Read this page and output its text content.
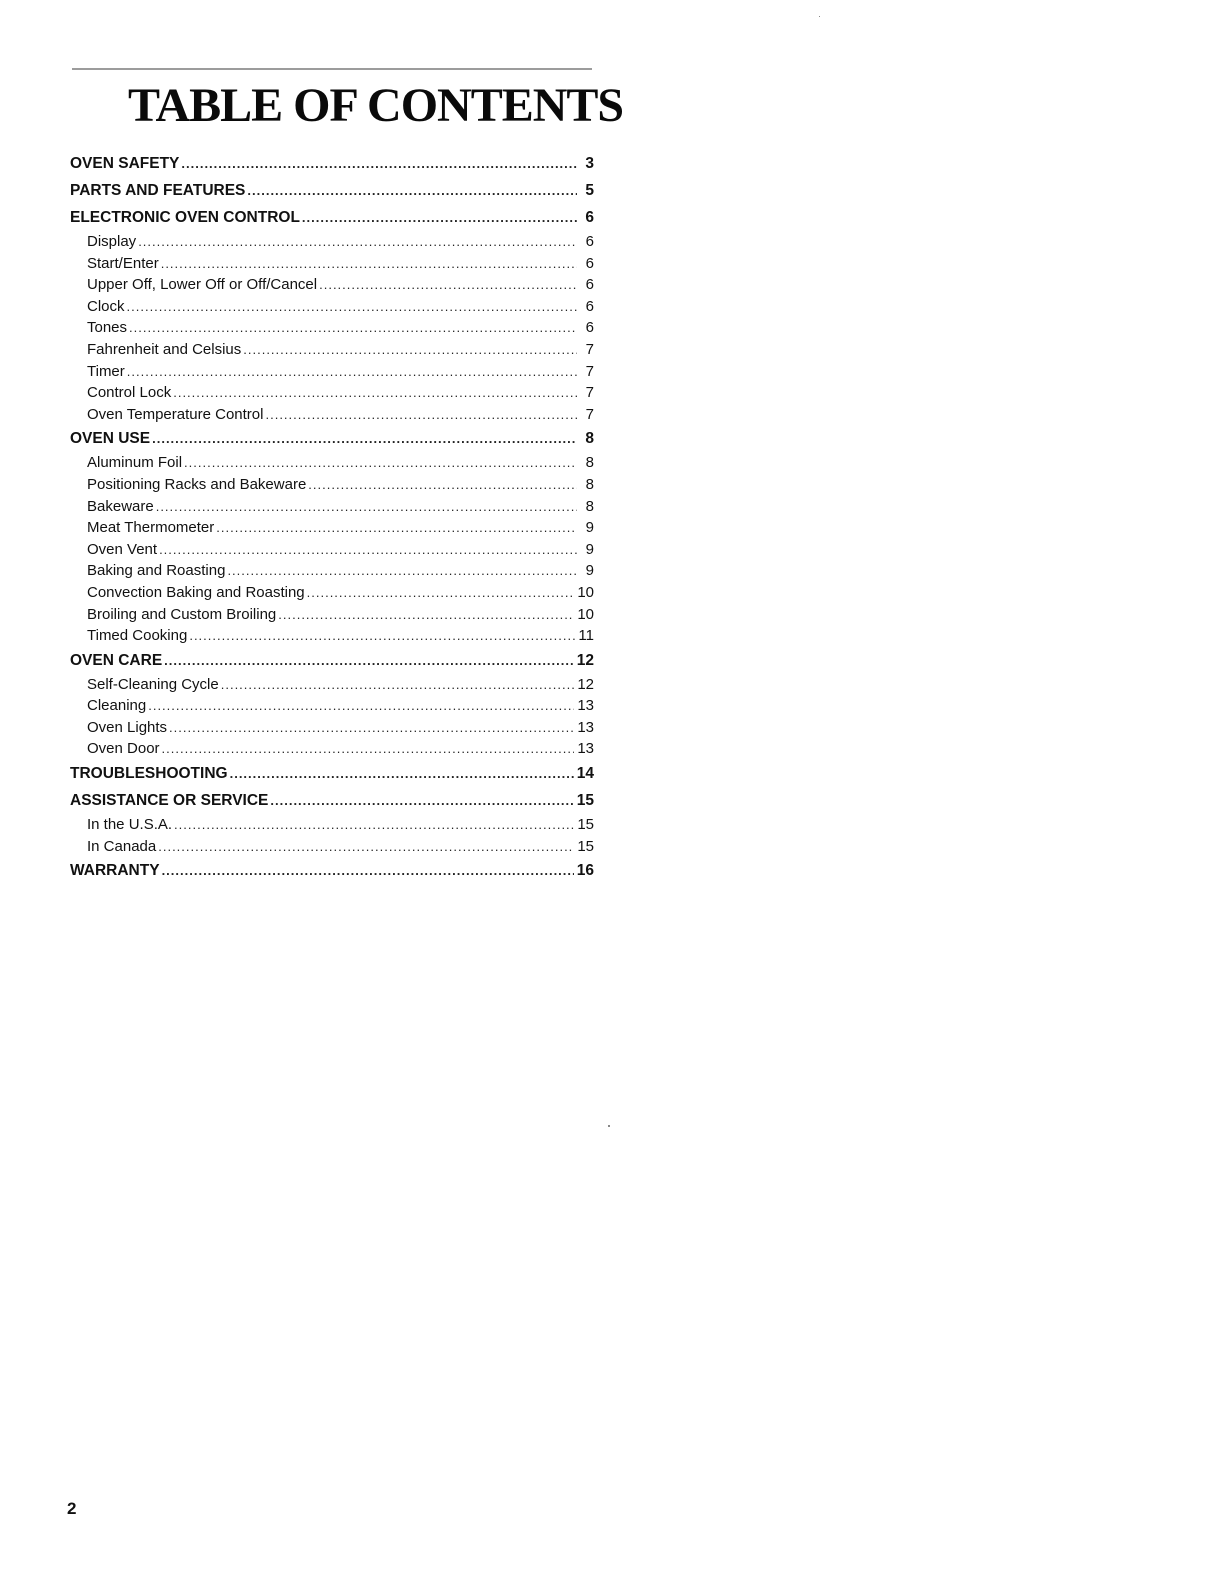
TABLE OF CONTENTS
OVEN SAFETY .....	3
PARTS AND FEATURES .....	5
ELECTRONIC OVEN CONTROL .....	6
Display .....	6
Start/Enter .....	6
Upper Off, Lower Off or Off/Cancel .....	6
Clock .....	6
Tones .....	6
Fahrenheit and Celsius .....	7
Timer .....	7
Control Lock .....	7
Oven Temperature Control .....	7
OVEN USE .....	8
Aluminum Foil .....	8
Positioning Racks and Bakeware .....	8
Bakeware .....	8
Meat Thermometer .....	9
Oven Vent .....	9
Baking and Roasting .....	9
Convection Baking and Roasting .....	10
Broiling and Custom Broiling .....	10
Timed Cooking .....	11
OVEN CARE .....	12
Self-Cleaning Cycle .....	12
Cleaning .....	13
Oven Lights .....	13
Oven Door .....	13
TROUBLESHOOTING .....	14
ASSISTANCE OR SERVICE .....	15
In the U.S.A. .....	15
In Canada .....	15
WARRANTY .....	16
2
